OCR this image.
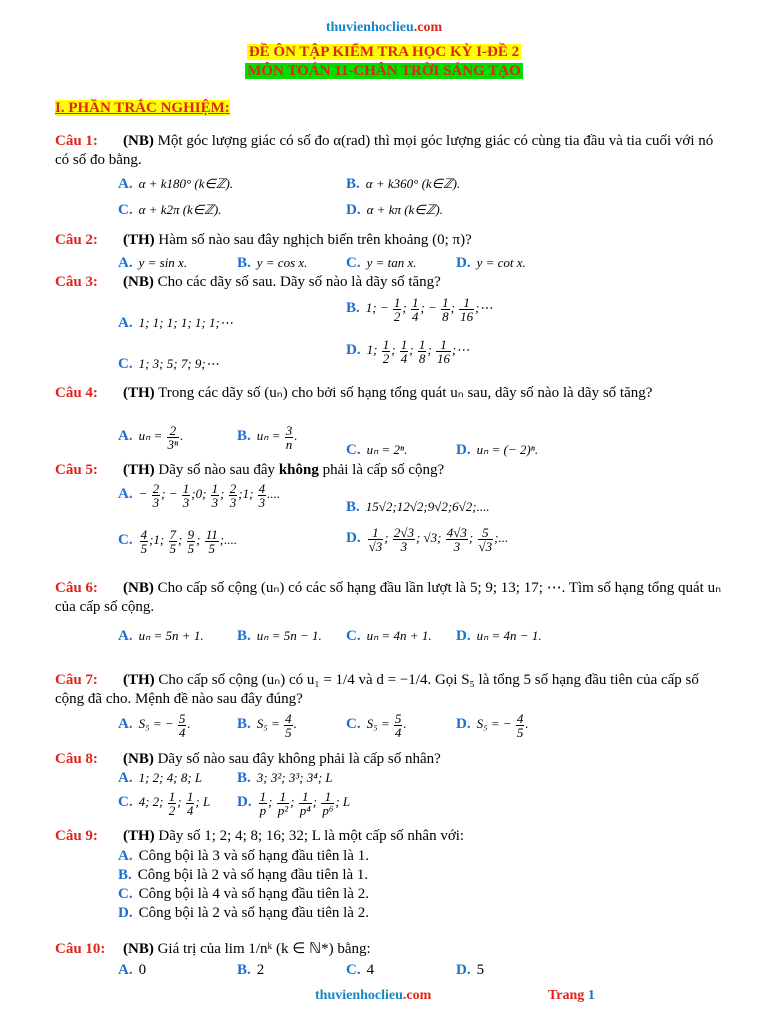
thuvienhoclieu.com
ĐỀ ÔN TẬP KIỂM TRA HỌC KỲ I-ĐỀ 2
MÔN TOÁN 11-CHÂN TRỜI SÁNG TẠO
I. PHẦN TRẮC NGHIỆM:
Câu 1: (NB) Một góc lượng giác có số đo α(rad) thì mọi góc lượng giác có cùng tia đầu và tia cuối với nó có số đo bằng.
A. α + k180° (k∈ℤ).	B. α + k360° (k∈ℤ).
C. α + k2π (k∈ℤ).	D. α + kπ (k∈ℤ).
Câu 2: (TH) Hàm số nào sau đây nghịch biến trên khoảng (0; π)?
A. y = sin x.	B. y = cos x.	C. y = tan x.	D. y = cot x.
Câu 3: (NB) Cho các dãy số sau. Dãy số nào là dãy số tăng?
A. 1; 1; 1; 1; 1; 1;⋯
B. 1; − $\frac{1}{2}$ ; $\frac{1}{4}$ ; − $\frac{1}{8}$ ; $\frac{1}{16}$ ;⋯
C. 1; 3; 5; 7; 9;⋯
D. 1; $\frac{1}{2}$ ; $\frac{1}{4}$ ; $\frac{1}{8}$ ; $\frac{1}{16}$ ;⋯
Câu 4: (TH) Trong các dãy số (uₙ) cho bởi số hạng tổng quát uₙ sau, dãy số nào là dãy số tăng?
A. $u_n = \frac{2}{\text{3ⁿ}}$ .	B. $u_n = \frac{3}{n}$ .
C. uₙ = 2ⁿ.	D. uₙ = (− 2)ⁿ.
Câu 5: (TH) Dãy số nào sau đây không phải là cấp số cộng?
A. − $\frac{2}{3}$ ; − $\frac{1}{3}$ ;0; $\frac{1}{3}$ ; $\frac{2}{3}$ ;1; $\frac{4}{3}$ ....
B. 15√2;12√2;9√2;6√2;....
C. $\frac{4}{5}$ ;1; $\frac{7}{5}$ ; $\frac{9}{5}$ ; $\frac{11}{5}$ ;....	D. $\frac{1}{√3}$ ; $\frac{2√3}{3}$ ; √3; $\frac{4√3}{3}$ ; $\frac{5}{√3}$ ;...
Câu 6: (NB) Cho cấp số cộng (uₙ) có các số hạng đầu lần lượt là 5; 9; 13; 17; ⋯. Tìm số hạng tổng quát uₙ của cấp số cộng.
A. uₙ = 5n + 1. B. uₙ = 5n − 1. C. uₙ = 4n + 1. D. uₙ = 4n − 1.
Câu 7: (TH) Cho cấp số cộng (uₙ) có u₁ = 1/4 và d = −1/4. Gọi S₅ là tổng 5 số hạng đầu tiên của cấp số cộng đã cho. Mệnh đề nào sau đây đúng?
A. S₅ = − $\frac{5}{4}$ .	B. $S_5 = \frac{4}{5}$ .	C. $S_5 = \frac{5}{4}$ .	D. S₅ = − $\frac{4}{5}$ .
Câu 8: (NB) Dãy số nào sau đây không phải là cấp số nhân?
A. 1; 2; 4; 8; L B. 3; 3²; 3³; 3⁴; L
C. 4; 2; $\frac{1}{2}$ ; $\frac{1}{4}$ ; L D. $\frac{1}{p}$ ; $\frac{1}{\text{p²}}$ ; $\frac{1}{\text{p⁴}}$ ; $\frac{1}{\text{p⁶}}$ ; L
Câu 9: (TH) Dãy số 1; 2; 4; 8; 16; 32; L là một cấp số nhân với:
A. Công bội là 3 và số hạng đầu tiên là 1.
B. Công bội là 2 và số hạng đầu tiên là 1.
C. Công bội là 4 và số hạng đầu tiên là 2.
D. Công bội là 2 và số hạng đầu tiên là 2.
Câu 10: (NB) Giá trị của lim 1/nᵏ (k ∈ ℕ*) bằng:
A. 0	B. 2	C. 4	D. 5
thuvienhoclieu.com	Trang 1
